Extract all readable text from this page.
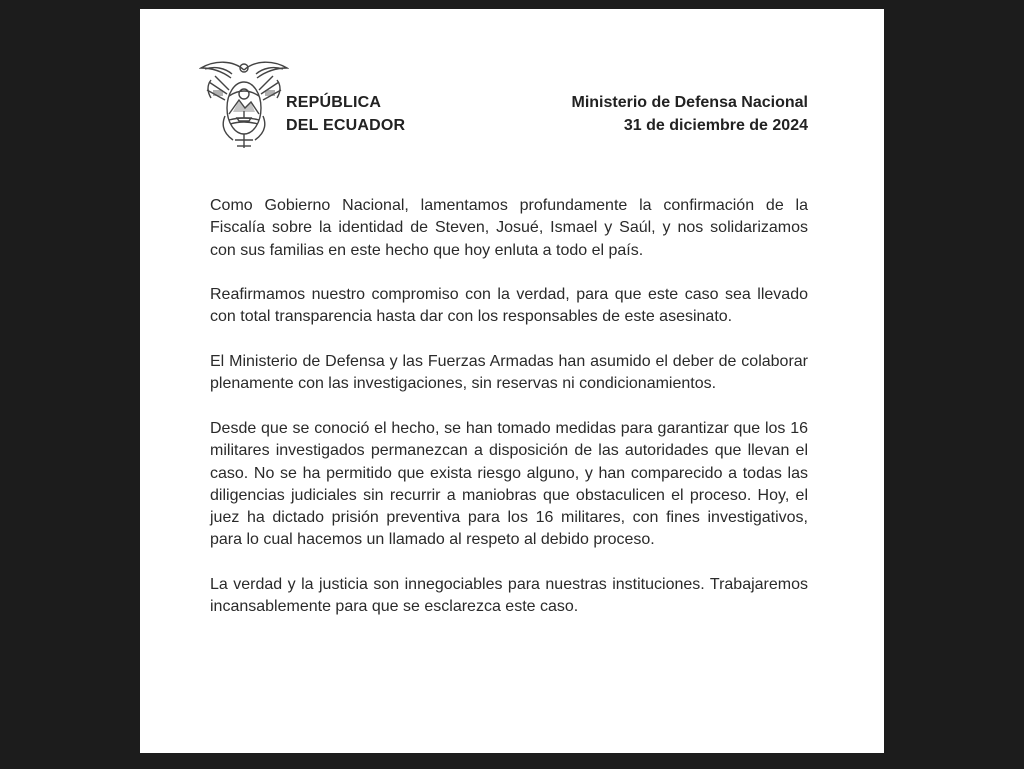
REPÚBLICA
DEL ECUADOR
Ministerio de Defensa Nacional
31 de diciembre de 2024

Como Gobierno Nacional, lamentamos profundamente la confirmación de la Fiscalía sobre la identidad de Steven, Josué, Ismael y Saúl, y nos solidarizamos con sus familias en este hecho que hoy enluta a todo el país.

Reafirmamos nuestro compromiso con la verdad, para que este caso sea llevado con total transparencia hasta dar con los responsables de este asesinato.

El Ministerio de Defensa y las Fuerzas Armadas han asumido el deber de colaborar plenamente con las investigaciones, sin reservas ni condicionamientos.

Desde que se conoció el hecho, se han tomado medidas para garantizar que los 16 militares investigados permanezcan a disposición de las autoridades que llevan el caso. No se ha permitido que exista riesgo alguno, y han comparecido a todas las diligencias judiciales sin recurrir a maniobras que obstaculicen el proceso. Hoy, el juez ha dictado prisión preventiva para los 16 militares, con fines investigativos, para lo cual hacemos un llamado al respeto al debido proceso.

La verdad y la justicia son innegociables para nuestras instituciones. Trabajaremos incansablemente para que se esclarezca este caso.
